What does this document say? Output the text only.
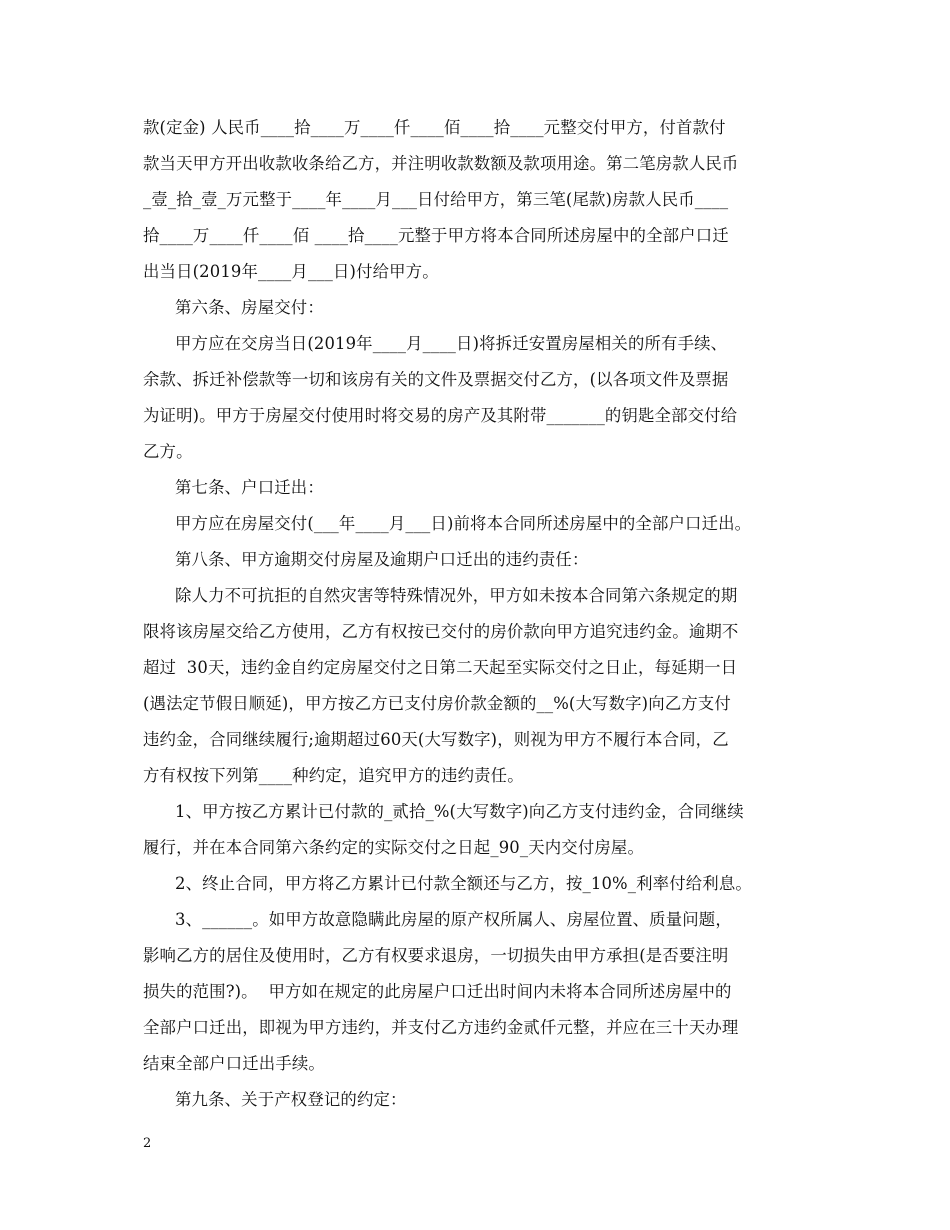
款(定金) 人民币____拾____万____仟____佰____拾____元整交付甲方，付首款付
款当天甲方开出收款收条给乙方，并注明收款数额及款项用途。第二笔房款人民币
_壹_拾_壹_万元整于____年____月___日付给甲方，第三笔(尾款)房款人民币____
拾____万____仟____佰 ____拾____元整于甲方将本合同所述房屋中的全部户口迁
出当日(2019年____月___日)付给甲方。
第六条、房屋交付：
甲方应在交房当日(2019年____月____日)将拆迁安置房屋相关的所有手续、
余款、拆迁补偿款等一切和该房有关的文件及票据交付乙方，(以各项文件及票据
为证明)。甲方于房屋交付使用时将交易的房产及其附带_______的钥匙全部交付给
乙方。
第七条、户口迁出：
甲方应在房屋交付(___年____月___日)前将本合同所述房屋中的全部户口迁出。
第八条、甲方逾期交付房屋及逾期户口迁出的违约责任：
除人力不可抗拒的自然灾害等特殊情况外，甲方如未按本合同第六条规定的期
限将该房屋交给乙方使用，乙方有权按已交付的房价款向甲方追究违约金。逾期不
超过  30天，违约金自约定房屋交付之日第二天起至实际交付之日止，每延期一日
(遇法定节假日顺延)，甲方按乙方已支付房价款金额的__%(大写数字)向乙方支付
违约金，合同继续履行;逾期超过60天(大写数字)，则视为甲方不履行本合同，乙
方有权按下列第____种约定，追究甲方的违约责任。
1、甲方按乙方累计已付款的_贰拾_%(大写数字)向乙方支付违约金，合同继续
履行，并在本合同第六条约定的实际交付之日起_90_天内交付房屋。
2、终止合同，甲方将乙方累计已付款全额还与乙方，按_10%_利率付给利息。
3、______。如甲方故意隐瞒此房屋的原产权所属人、房屋位置、质量问题，
影响乙方的居住及使用时，乙方有权要求退房，一切损失由甲方承担(是否要注明
损失的范围?)。  甲方如在规定的此房屋户口迁出时间内未将本合同所述房屋中的
全部户口迁出，即视为甲方违约，并支付乙方违约金贰仟元整，并应在三十天办理
结束全部户口迁出手续。
第九条、关于产权登记的约定：
2
